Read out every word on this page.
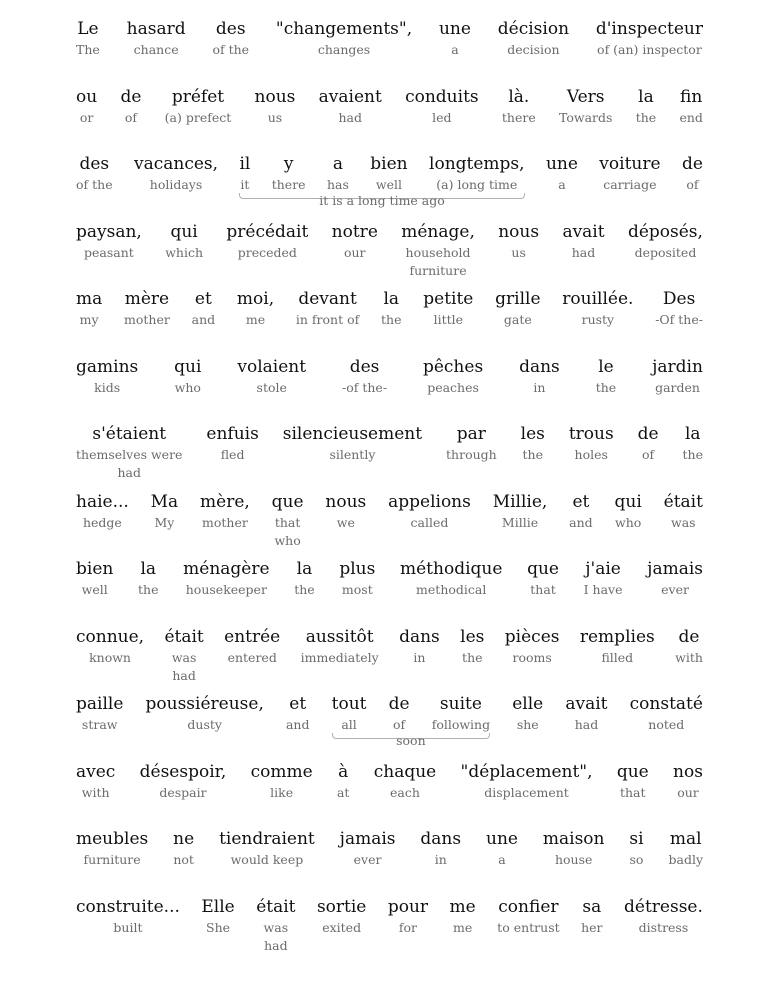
Le
The
hasard
chance
des
of the
"changements",
changes
une
a
décision
decision
d'inspecteur
of (an) inspector
ou
or
de
of
préfet
(a) prefect
nous
us
avaient
had
conduits
led
là.
there
Vers
Towards
la
the
fin
end
des
of the
vacances,
holidays
il
it
y
there
a
has
bien
well
longtemps,
(a) long time
une
a
voiture
carriage
de
of
it is a long time ago
paysan,
peasant
qui
which
précédait
preceded
notre
our
ménage,
household
furniture
nous
us
avait
had
déposés,
deposited
ma
my
mère
mother
et
and
moi,
me
devant
in front of
la
the
petite
little
grille
gate
rouillée.
rusty
Des
-Of the-
gamins
kids
qui
who
volaient
stole
des
-of the-
pêches
peaches
dans
in
le
the
jardin
garden
s'étaient
themselves were
had
enfuis
fled
silencieusement
silently
par
through
les
the
trous
holes
de
of
la
the
haie...
hedge
Ma
My
mère,
mother
que
that
who
nous
we
appelions
called
Millie,
Millie
et
and
qui
who
était
was
bien
well
la
the
ménagère
housekeeper
la
the
plus
most
méthodique
methodical
que
that
j'aie
I have
jamais
ever
connue,
known
était
was
had
entrée
entered
aussitôt
immediately
dans
in
les
the
pièces
rooms
remplies
filled
de
with
paille
straw
poussiéreuse,
dusty
et
and
tout
all
de
of
suite
following
elle
she
avait
had
constaté
noted
soon
avec
with
désespoir,
despair
comme
like
à
at
chaque
each
"déplacement",
displacement
que
that
nos
our
meubles
furniture
ne
not
tiendraient
would keep
jamais
ever
dans
in
une
a
maison
house
si
so
mal
badly
construite...
built
Elle
She
était
was
had
sortie
exited
pour
for
me
me
confier
to entrust
sa
her
détresse.
distress
